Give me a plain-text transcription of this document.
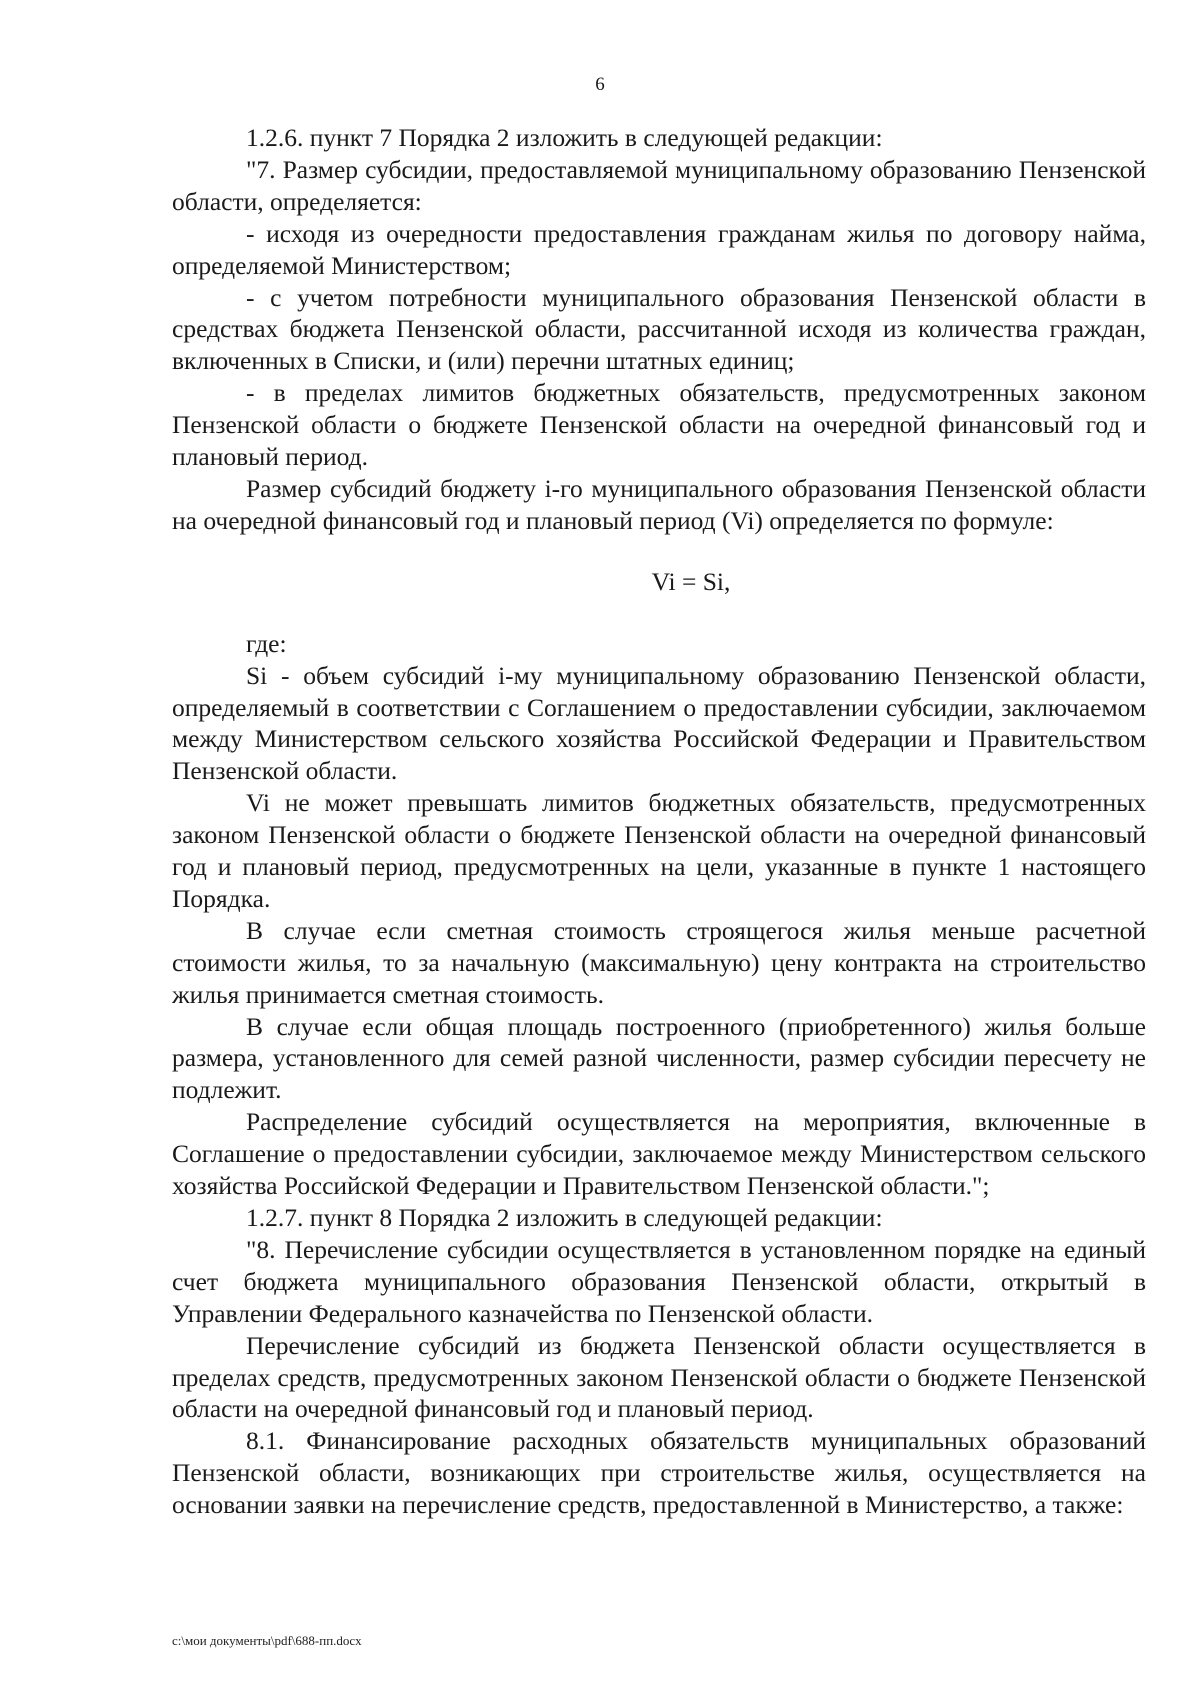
6

1.2.6. пункт 7 Порядка 2 изложить в следующей редакции:

"7. Размер субсидии, предоставляемой муниципальному образованию Пензенской области, определяется:

- исходя из очередности предоставления гражданам жилья по договору найма, определяемой Министерством;

- с учетом потребности муниципального образования Пензенской области в средствах бюджета Пензенской области, рассчитанной исходя из количества граждан, включенных в Списки, и (или) перечни штатных единиц;

- в пределах лимитов бюджетных обязательств, предусмотренных законом Пензенской области о бюджете Пензенской области на очередной финансовый год и плановый период.

Размер субсидий бюджету i-го муниципального образования Пензенской области на очередной финансовый год и плановый период (Vi) определяется по формуле:

Vi = Si,

где:

Si - объем субсидий i-му муниципальному образованию Пензенской области, определяемый в соответствии с Соглашением о предоставлении субсидии, заключаемом между Министерством сельского хозяйства Российской Федерации и Правительством Пензенской области.

Vi не может превышать лимитов бюджетных обязательств, предусмотренных законом Пензенской области о бюджете Пензенской области на очередной финансовый год и плановый период, предусмотренных на цели, указанные в пункте 1 настоящего Порядка.

В случае если сметная стоимость строящегося жилья меньше расчетной стоимости жилья, то за начальную (максимальную) цену контракта на строительство жилья принимается сметная стоимость.

В случае если общая площадь построенного (приобретенного) жилья больше размера, установленного для семей разной численности, размер субсидии пересчету не подлежит.

Распределение субсидий осуществляется на мероприятия, включенные в Соглашение о предоставлении субсидии, заключаемое между Министерством сельского хозяйства Российской Федерации и Правительством Пензенской области.";

1.2.7. пункт 8 Порядка 2 изложить в следующей редакции:

"8. Перечисление субсидии осуществляется в установленном порядке на единый счет бюджета муниципального образования Пензенской области, открытый в Управлении Федерального казначейства по Пензенской области.

Перечисление субсидий из бюджета Пензенской области осуществляется в пределах средств, предусмотренных законом Пензенской области о бюджете Пензенской области на очередной финансовый год и плановый период.

8.1. Финансирование расходных обязательств муниципальных образований Пензенской области, возникающих при строительстве жилья, осуществляется на основании заявки на перечисление средств, предоставленной в Министерство, а также:

c:\мои документы\pdf\688-пп.docx
